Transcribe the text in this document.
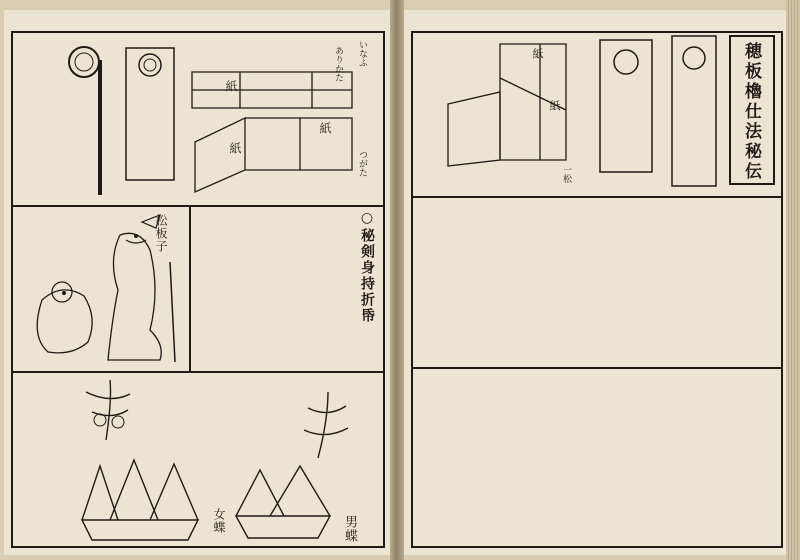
いなふ
ありかた
つがた
紙
紙
紙
松板子	○秘剣身持折帋
男蝶
女蝶
穂板櫓仕法秘伝
紙
紙
一松
